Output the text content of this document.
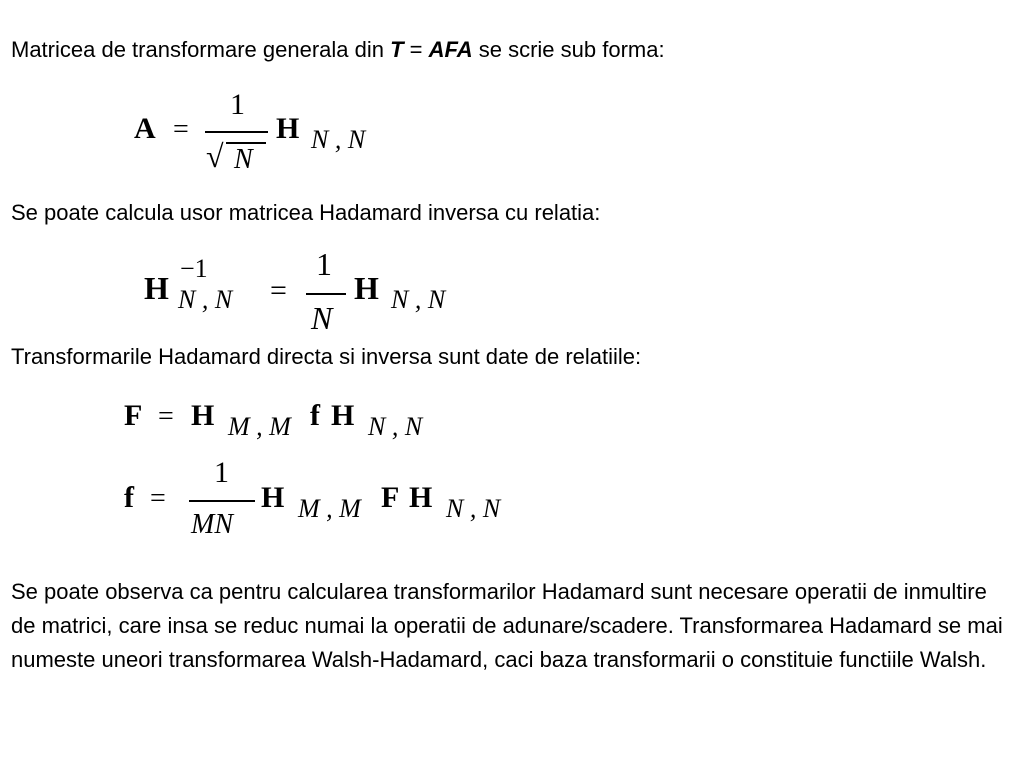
Matricea de transformare generala din T = AFA se scrie sub forma:

A =
1
√ N
H N , N

Se poate calcula usor matricea Hadamard inversa cu relatia:

H
−1
N , N =
1
N
H N , N

Transformarile Hadamard directa si inversa sunt date de relatiile:

F = H M , M f H N , N
f =
1
MN
H M , M F H N , N

Se poate observa ca pentru calcularea transformarilor Hadamard sunt necesare operatii de inmultire de matrici, care insa se reduc numai la operatii de adunare/scadere. Transformarea Hadamard se mai numeste uneori transformarea Walsh-Hadamard, caci baza transformarii o constituie functiile Walsh.
